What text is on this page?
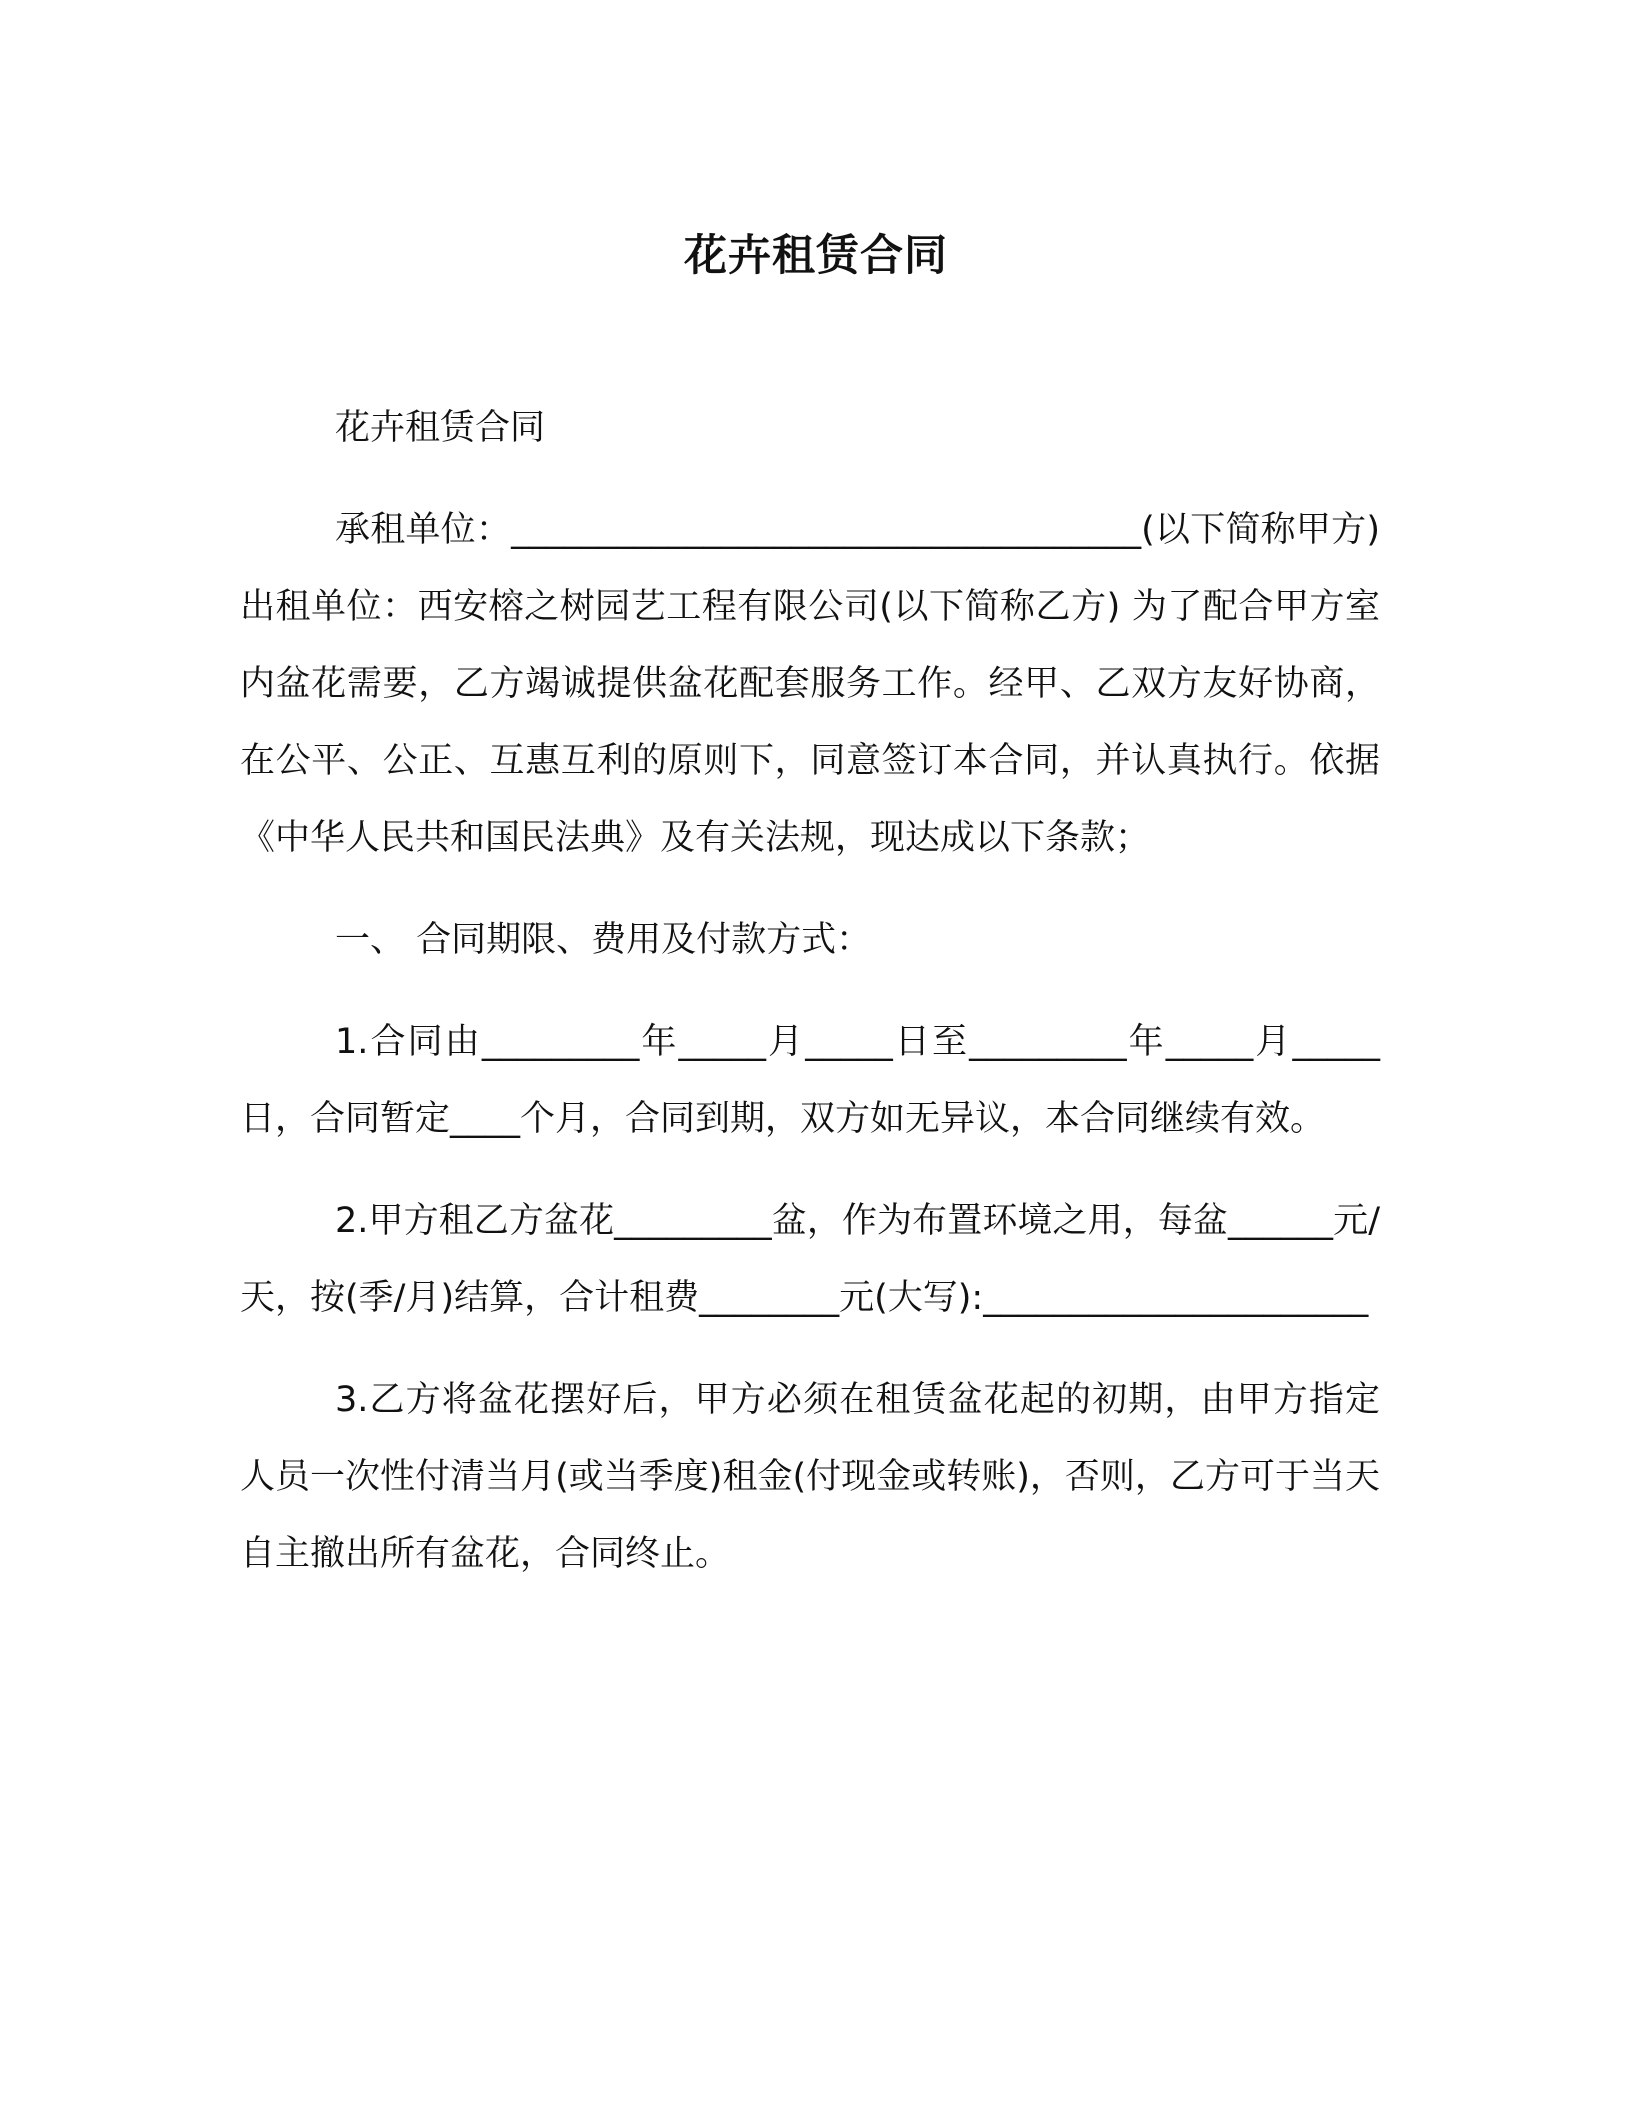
花卉租赁合同

花卉租赁合同

承租单位：____________________________________(以下简称甲方) 出租单位：西安榕之树园艺工程有限公司(以下简称乙方) 为了配合甲方室内盆花需要，乙方竭诚提供盆花配套服务工作。经甲、乙双方友好协商，在公平、公正、互惠互利的原则下，同意签订本合同，并认真执行。依据《中华人民共和国民法典》及有关法规，现达成以下条款；

一、 合同期限、费用及付款方式：

1.合同由_________年_____月_____日至_________年_____月_____日，合同暂定____个月，合同到期，双方如无异议，本合同继续有效。

2.甲方租乙方盆花_________盆，作为布置环境之用，每盆______元/天，按(季/月)结算，合计租费________元(大写):______________________

3.乙方将盆花摆好后，甲方必须在租赁盆花起的初期，由甲方指定人员一次性付清当月(或当季度)租金(付现金或转账)，否则，乙方可于当天自主撤出所有盆花，合同终止。
